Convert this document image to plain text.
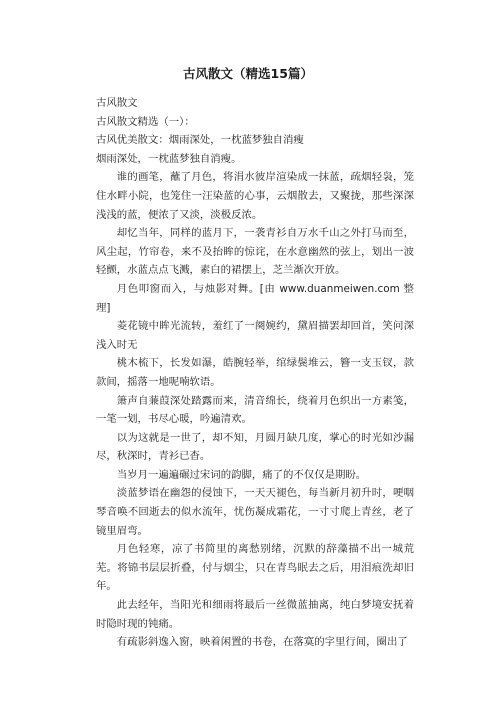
古风散文（精选15篇）

古风散文

古风散文精选（一）：

古风优美散文：烟雨深处，一枕蓝梦独自消瘦

烟雨深处，一枕蓝梦独自消瘦。

谁的画笔，蘸了月色，将涓水彼岸渲染成一抹蓝，疏烟轻袅，笼住水畔小院，也笼住一汪染蓝的心事，云烟散去，又聚拢，那些深深浅浅的蓝，便浓了又淡，淡极反浓。

却忆当年，同样的蓝月下，一袭青衫自万水千山之外打马而至，风尘起，竹帘卷，来不及抬眸的惊诧，在水意幽然的弦上，划出一波轻颤，水蓝点点飞溅，素白的裙摆上，芝兰渐次开放。

月色叩窗而入，与烛影对舞。[由 www.duanmeiwen.com 整理]

菱花镜中眸光流转，羞红了一阕婉约，黛眉描罢却回首，笑问深浅入时无

桃木梳下，长发如瀑，皓腕轻举，绾绿鬓堆云，簪一支玉钗，款款间，摇落一地呢喃软语。

箫声自蒹葭深处踏露而来，清音绵长，绕着月色织出一方素笺，一笔一划，书尽心暖，吟遍清欢。

以为这就是一世了，却不知，月圆月缺几度，掌心的时光如沙漏尽，秋深时，青衫已杳。

当岁月一遍遍碾过宋词的韵脚，痛了的不仅仅是期盼。

淡蓝梦语在幽怨的侵蚀下，一天天褪色，每当新月初升时，哽咽琴音唤不回逝去的似水流年，忧伤凝成霜花，一寸寸爬上青丝，老了镜里眉弯。

月色轻寒，凉了书简里的离愁别绪，沉默的辞藻描不出一城荒芜。将锦书层层折叠，付与烟尘，只在青鸟眠去之后，用泪痕洗却旧年。

此去经年，当阳光和细雨将最后一丝微蓝抽离，纯白梦境安抚着时隐时现的钝痛。

有疏影斜逸入窗，映着闲置的书卷，在落寞的字里行间，圈出了
